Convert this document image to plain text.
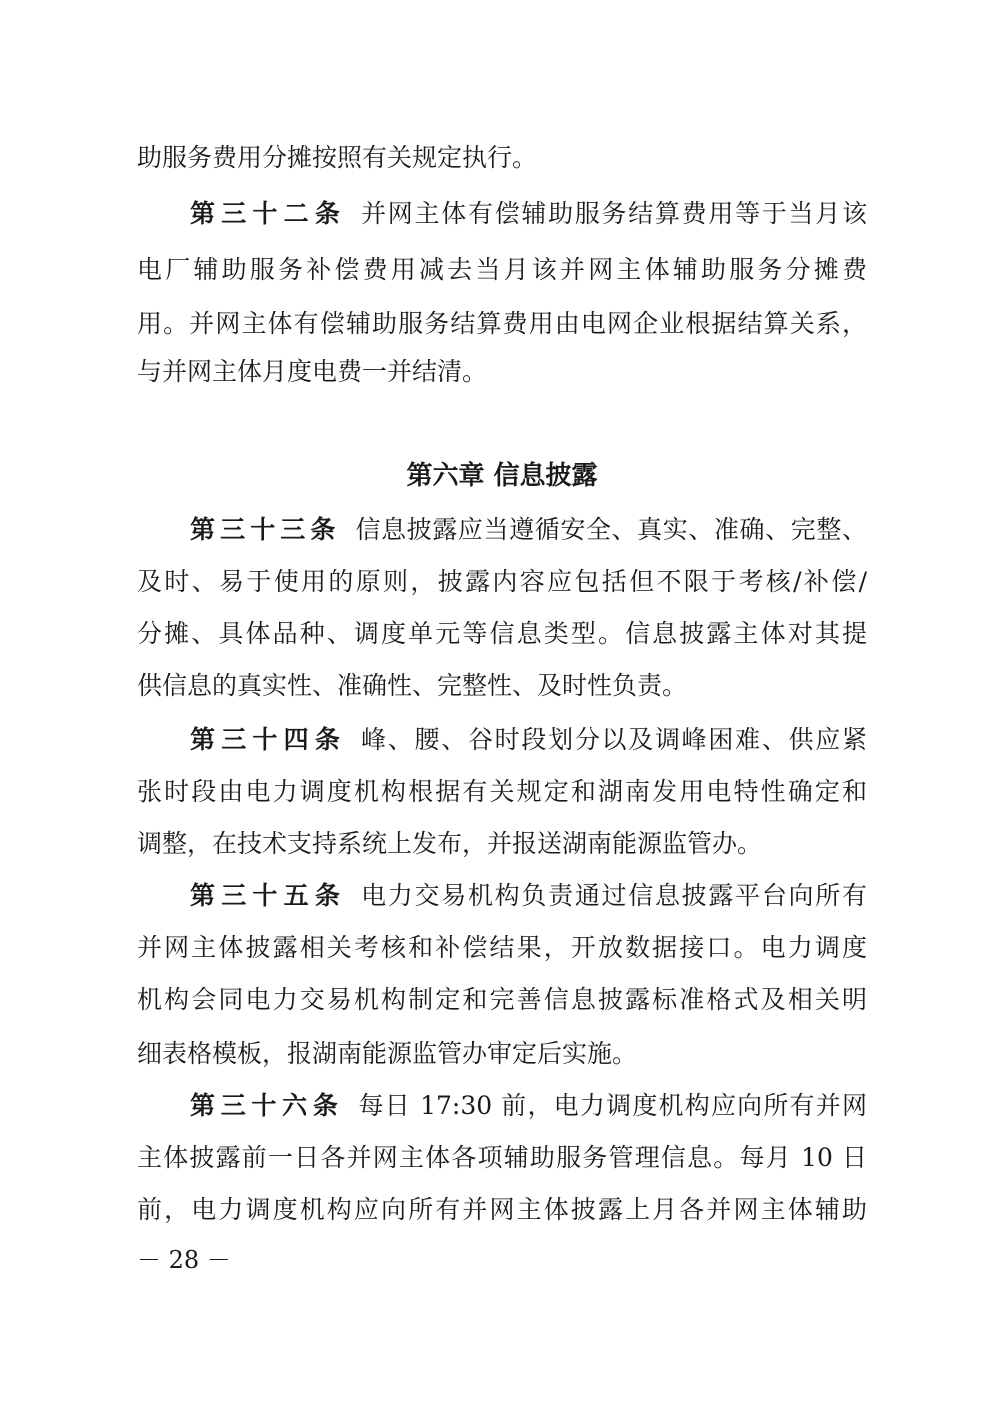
助服务费用分摊按照有关规定执行。
第三十二条 并网主体有偿辅助服务结算费用等于当月该
电厂辅助服务补偿费用减去当月该并网主体辅助服务分摊费
用。并网主体有偿辅助服务结算费用由电网企业根据结算关系，
与并网主体月度电费一并结清。
第六章 信息披露
第三十三条 信息披露应当遵循安全、真实、准确、完整、
及时、易于使用的原则，披露内容应包括但不限于考核/补偿/
分摊、具体品种、调度单元等信息类型。信息披露主体对其提
供信息的真实性、准确性、完整性、及时性负责。
第三十四条 峰、腰、谷时段划分以及调峰困难、供应紧
张时段由电力调度机构根据有关规定和湖南发用电特性确定和
调整，在技术支持系统上发布，并报送湖南能源监管办。
第三十五条 电力交易机构负责通过信息披露平台向所有
并网主体披露相关考核和补偿结果，开放数据接口。电力调度
机构会同电力交易机构制定和完善信息披露标准格式及相关明
细表格模板，报湖南能源监管办审定后实施。
第三十六条 每日 17:30 前，电力调度机构应向所有并网
主体披露前一日各并网主体各项辅助服务管理信息。每月 10 日
前，电力调度机构应向所有并网主体披露上月各并网主体辅助
－ 28 －
